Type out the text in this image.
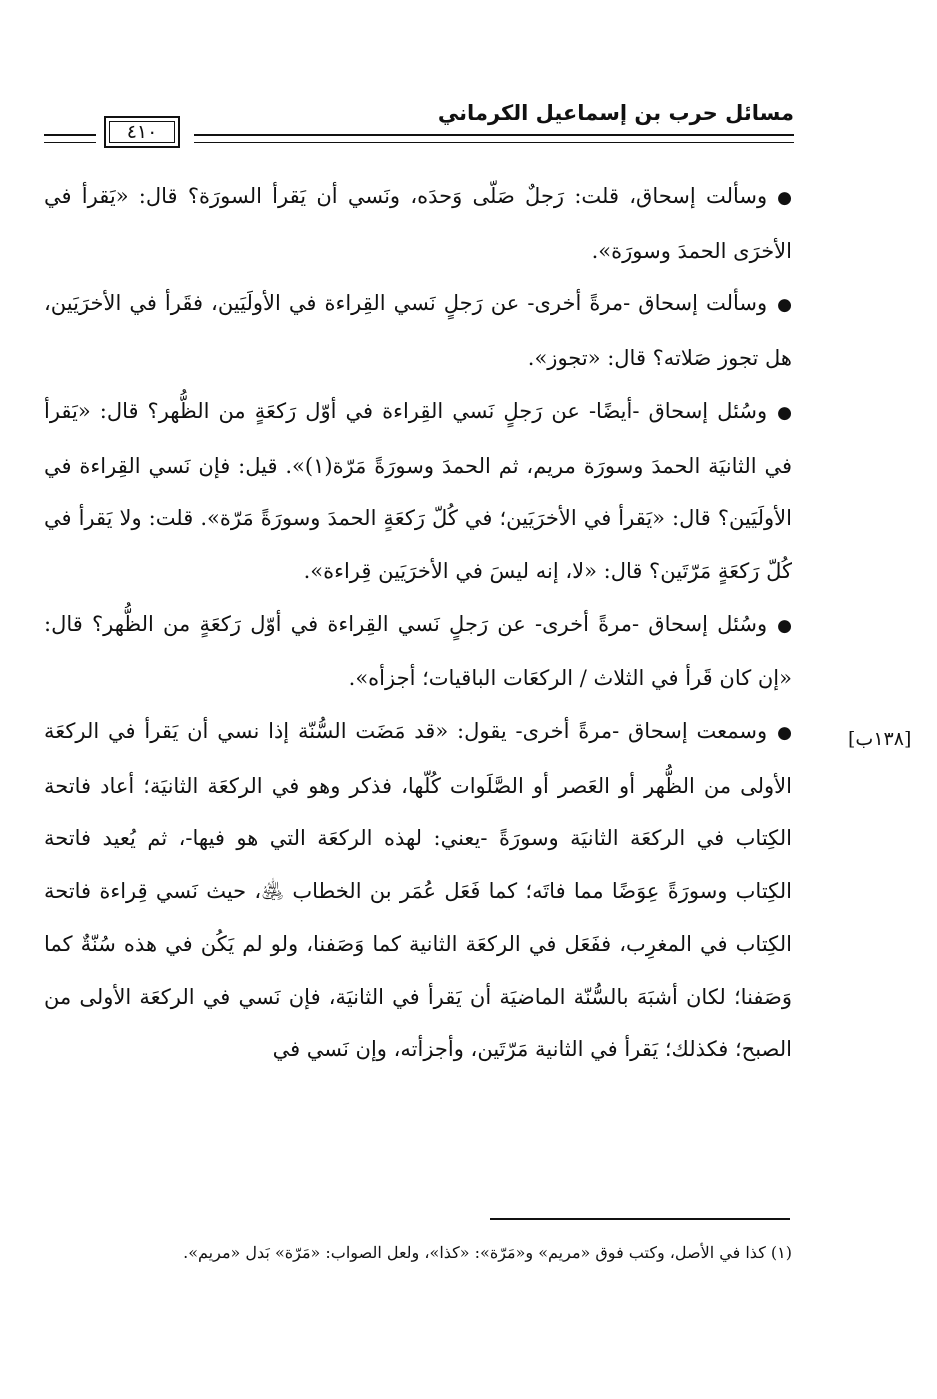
مسائل حرب بن إسماعيل الكرماني
٤١٠

●وسألت إسحاق، قلت: رَجلٌ صَلّى وَحدَه، ونَسي أن يَقرأ السورَة؟ قال: «يَقرأ في الأخرَى الحمدَ وسورَة».

●وسألت إسحاق -مرةً أخرى- عن رَجلٍ نَسي القِراءة في الأولَيَين، فقَرأ في الأخرَيَين، هل تجوز صَلاته؟ قال: «تجوز».

●وسُئل إسحاق -أيضًا- عن رَجلٍ نَسي القِراءة في أوّل رَكعَةٍ من الظُّهر؟ قال: «يَقرأ في الثانيَة الحمدَ وسورَة مريم، ثم الحمدَ وسورَةً مَرّة(١)». قيل: فإن نَسي القِراءة في الأولَيَين؟ قال: «يَقرأ في الأخرَيَين؛ في كُلّ رَكعَةٍ الحمدَ وسورَةً مَرّة». قلت: ولا يَقرأ في كُلّ رَكعَةٍ مَرّتَين؟ قال: «لا، إنه ليسَ في الأخرَيَين قِراءة».

●وسُئل إسحاق -مرةً أخرى- عن رَجلٍ نَسي القِراءة في أوّل رَكعَةٍ من الظُّهر؟ قال: «إن كان قَرأ في الثلاث / الركعَات الباقيات؛ أجزأه».

●وسمعت إسحاق -مرةً أخرى- يقول: «قد مَضَت السُّنّة إذا نسي أن يَقرأ في الركعَة الأولى من الظُّهر أو العَصر أو الصَّلَوات كُلّها، فذكر وهو في الركعَة الثانيَة؛ أعاد فاتحة الكِتاب في الركعَة الثانيَة وسورَةً -يعني: لهذه الركعَة التي هو فيها-، ثم يُعيد فاتحة الكِتاب وسورَةً عِوَضًا مما فاتَه؛ كما فَعَل عُمَر بن الخطاب ﵁، حيث نَسي قِراءة فاتحة الكِتاب في المغرِب، ففَعَل في الركعَة الثانية كما وَصَفنا، ولو لم يَكُن في هذه سُنّةٌ كما وَصَفنا؛ لكان أشبَهَ بالسُّنّة الماضيَة أن يَقرأ في الثانيَة، فإن نَسي في الركعَة الأولى من الصبح؛ فكذلك؛ يَقرأ في الثانية مَرّتَين، وأجزأته، وإن نَسي في

[١٣٨ب]
(١) كذا في الأصل، وكتب فوق «مريم» و«مَرّة»: «كذا»، ولعل الصواب: «مَرّة» بَدل «مريم».
